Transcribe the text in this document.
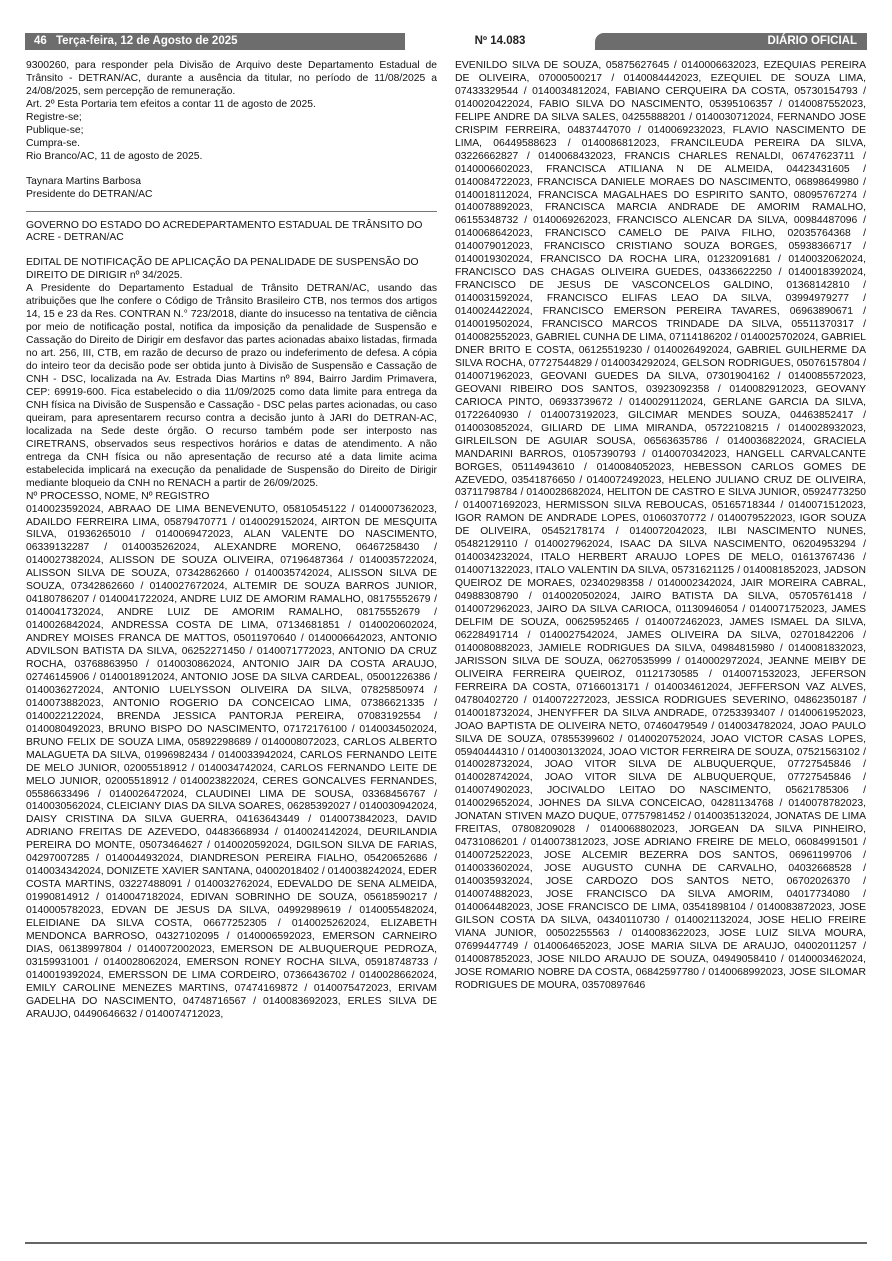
46 Terça-feira, 12 de Agosto de 2025	Nº 14.083	DIÁRIO OFICIAL

9300260, para responder pela Divisão de Arquivo deste Departamento Estadual de Trânsito - DETRAN/AC, durante a ausência da titular, no período de 11/08/2025 a 24/08/2025, sem percepção de remuneração.

Art. 2º Esta Portaria tem efeitos a contar 11 de agosto de 2025.

Registre-se;

Publique-se;

Cumpra-se.

Rio Branco/AC, 11 de agosto de 2025.

Taynara Martins Barbosa

Presidente do DETRAN/AC

GOVERNO DO ESTADO DO ACREDEPARTAMENTO ESTADUAL DE TRÂNSITO DO ACRE - DETRAN/AC

EDITAL DE NOTIFICAÇÃO DE APLICAÇÃO DA PENALIDADE DE SUSPENSÃO DO DIREITO DE DIRIGIR nº 34/2025.

A Presidente do Departamento Estadual de Trânsito DETRAN/AC, usando das atribuições que lhe confere o Código de Trânsito Brasileiro CTB, nos termos dos artigos 14, 15 e 23 da Res. CONTRAN N.° 723/2018, diante do insucesso na tentativa de ciência por meio de notificação postal, notifica da imposição da penalidade de Suspensão e Cassação do Direito de Dirigir em desfavor das partes acionadas abaixo listadas, firmada no art. 256, III, CTB, em razão de decurso de prazo ou indeferimento de defesa. A cópia do inteiro teor da decisão pode ser obtida junto à Divisão de Suspensão e Cassação de CNH - DSC, localizada na Av. Estrada Dias Martins nº 894, Bairro Jardim Primavera, CEP: 69919-600. Fica estabelecido o dia 11/09/2025 como data limite para entrega da CNH física na Divisão de Suspensão e Cassação - DSC pelas partes acionadas, ou caso queiram, para apresentarem recurso contra a decisão junto à JARI do DETRAN-AC, localizada na Sede deste órgão. O recurso também pode ser interposto nas CIRETRANS, observados seus respectivos horários e datas de atendimento. A não entrega da CNH física ou não apresentação de recurso até a data limite acima estabelecida implicará na execução da penalidade de Suspensão do Direito de Dirigir mediante bloqueio da CNH no RENACH a partir de 26/09/2025.

Nº PROCESSO, NOME, Nº REGISTRO

0140023592024, ABRAAO DE LIMA BENEVENUTO, 05810545122 / 0140007362023, ADAILDO FERREIRA LIMA, 05879470771 / 0140029152024, AIRTON DE MESQUITA SILVA, 01936265010 / 0140069472023, ALAN VALENTE DO NASCIMENTO, 06339132287 / 0140035262024, ALEXANDRE MORENO, 06467258430 / 0140027382024, ALISSON DE SOUZA OLIVEIRA, 07196487364 / 0140035722024, ALISSON SILVA DE SOUZA, 07342862660 / 0140035742024, ALISSON SILVA DE SOUZA, 07342862660 / 0140027672024, ALTEMIR DE SOUZA BARROS JUNIOR, 04180786207 / 0140041722024, ANDRE LUIZ DE AMORIM RAMALHO, 08175552679 / 0140041732024, ANDRE LUIZ DE AMORIM RAMALHO, 08175552679 / 0140026842024, ANDRESSA COSTA DE LIMA, 07134681851 / 0140020602024, ANDREY MOISES FRANCA DE MATTOS, 05011970640 / 0140006642023, ANTONIO ADVILSON BATISTA DA SILVA, 06252271450 / 0140071772023, ANTONIO DA CRUZ ROCHA, 03768863950 / 0140030862024, ANTONIO JAIR DA COSTA ARAUJO, 02746145906 / 0140018912024, ANTONIO JOSE DA SILVA CARDEAL, 05001226386 / 0140036272024, ANTONIO LUELYSSON OLIVEIRA DA SILVA, 07825850974 / 0140073882023, ANTONIO ROGERIO DA CONCEICAO LIMA, 07386621335 / 0140022122024, BRENDA JESSICA PANTORJA PEREIRA, 07083192554 / 0140080492023, BRUNO BISPO DO NASCIMENTO, 07172176100 / 0140034502024, BRUNO FELIX DE SOUZA LIMA, 05892298689 / 0140008072023, CARLOS ALBERTO MALAGUETA DA SILVA, 01996982434 / 0140033942024, CARLOS FERNANDO LEITE DE MELO JUNIOR, 02005518912 / 0140034742024, CARLOS FERNANDO LEITE DE MELO JUNIOR, 02005518912 / 0140023822024, CERES GONCALVES FERNANDES, 05586633496 / 0140026472024, CLAUDINEI LIMA DE SOUSA, 03368456767 / 0140030562024, CLEICIANY DIAS DA SILVA SOARES, 06285392027 / 0140030942024, DAISY CRISTINA DA SILVA GUERRA, 04163643449 / 0140073842023, DAVID ADRIANO FREITAS DE AZEVEDO, 04483668934 / 0140024142024, DEURILANDIA PEREIRA DO MONTE, 05073464627 / 0140020592024, DGILSON SILVA DE FARIAS, 04297007285 / 0140044932024, DIANDRESON PEREIRA FIALHO, 05420652686 / 0140034342024, DONIZETE XAVIER SANTANA, 04002018402 / 0140038242024, EDER COSTA MARTINS, 03227488091 / 0140032762024, EDEVALDO DE SENA ALMEIDA, 01990814912 / 0140047182024, EDIVAN SOBRINHO DE SOUZA, 05618590217 / 0140005782023, EDVAN DE JESUS DA SILVA, 04992989619 / 0140055482024, ELEIDIANE DA SILVA COSTA, 06677252305 / 0140025262024, ELIZABETH MENDONCA BARROSO, 04327102095 / 0140006592023, EMERSON CARNEIRO DIAS, 06138997804 / 0140072002023, EMERSON DE ALBUQUERQUE PEDROZA, 03159931001 / 0140028062024, EMERSON RONEY ROCHA SILVA, 05918748733 / 0140019392024, EMERSSON DE LIMA CORDEIRO, 07366436702 / 0140028662024, EMILY CAROLINE MENEZES MARTINS, 07474169872 / 0140075472023, ERIVAM GADELHA DO NASCIMENTO, 04748716567 / 0140083692023, ERLES SILVA DE ARAUJO, 04490646632 / 0140074712023,

EVENILDO SILVA DE SOUZA, 05875627645 / 0140006632023, EZEQUIAS PEREIRA DE OLIVEIRA, 07000500217 / 0140084442023, EZEQUIEL DE SOUZA LIMA, 07433329544 / 0140034812024, FABIANO CERQUEIRA DA COSTA, 05730154793 / 0140020422024, FABIO SILVA DO NASCIMENTO, 05395106357 / 0140087552023, FELIPE ANDRE DA SILVA SALES, 04255888201 / 0140030712024, FERNANDO JOSE CRISPIM FERREIRA, 04837447070 / 0140069232023, FLAVIO NASCIMENTO DE LIMA, 06449588623 / 0140086812023, FRANCILEUDA PEREIRA DA SILVA, 03226662827 / 0140068432023, FRANCIS CHARLES RENALDI, 06747623711 / 0140006602023, FRANCISCA ATILIANA N DE ALMEIDA, 04423431605 / 0140084722023, FRANCISCA DANIELE MORAES DO NASCIMENTO, 06898649980 / 0140018112024, FRANCISCA MAGALHAES DO ESPIRITO SANTO, 08095767274 / 0140078892023, FRANCISCA MARCIA ANDRADE DE AMORIM RAMALHO, 06155348732 / 0140069262023, FRANCISCO ALENCAR DA SILVA, 00984487096 / 0140068642023, FRANCISCO CAMELO DE PAIVA FILHO, 02035764368 / 0140079012023, FRANCISCO CRISTIANO SOUZA BORGES, 05938366717 / 0140019302024, FRANCISCO DA ROCHA LIRA, 01232091681 / 0140032062024, FRANCISCO DAS CHAGAS OLIVEIRA GUEDES, 04336622250 / 0140018392024, FRANCISCO DE JESUS DE VASCONCELOS GALDINO, 01368142810 / 0140031592024, FRANCISCO ELIFAS LEAO DA SILVA, 03994979277 / 0140024422024, FRANCISCO EMERSON PEREIRA TAVARES, 06963890671 / 0140019502024, FRANCISCO MARCOS TRINDADE DA SILVA, 05511370317 / 0140082552023, GABRIEL CUNHA DE LIMA, 07114186202 / 0140025702024, GABRIEL DNER BRITO E COSTA, 06125519230 / 0140026492024, GABRIEL GUILHERME DA SILVA ROCHA, 07727544829 / 0140034292024, GELSON RODRIGUES, 05076157804 / 0140071962023, GEOVANI GUEDES DA SILVA, 07301904162 / 0140085572023, GEOVANI RIBEIRO DOS SANTOS, 03923092358 / 0140082912023, GEOVANY CARIOCA PINTO, 06933739672 / 0140029112024, GERLANE GARCIA DA SILVA, 01722640930 / 0140073192023, GILCIMAR MENDES SOUZA, 04463852417 / 0140030852024, GILIARD DE LIMA MIRANDA, 05722108215 / 0140028932023, GIRLEILSON DE AGUIAR SOUSA, 06563635786 / 0140036822024, GRACIELA MANDARINI BARROS, 01057390793 / 0140070342023, HANGELL CARVALCANTE BORGES, 05114943610 / 0140084052023, HEBESSON CARLOS GOMES DE AZEVEDO, 03541876650 / 0140072492023, HELENO JULIANO CRUZ DE OLIVEIRA, 03711798784 / 0140028682024, HELITON DE CASTRO E SILVA JUNIOR, 05924773250 / 0140071692023, HERMISSON SILVA REBOUCAS, 05165718344 / 0140071512023, IGOR RAMON DE ANDRADE LOPES, 01060370772 / 0140079522023, IGOR SOUZA DE OLIVEIRA, 05452178174 / 0140072042023, ILBI NASCIMENTO NUNES, 05482129110 / 0140027962024, ISAAC DA SILVA NASCIMENTO, 06204953294 / 0140034232024, ITALO HERBERT ARAUJO LOPES DE MELO, 01613767436 / 0140071322023, ITALO VALENTIN DA SILVA, 05731621125 / 0140081852023, JADSON QUEIROZ DE MORAES, 02340298358 / 0140002342024, JAIR MOREIRA CABRAL, 04988308790 / 0140020502024, JAIRO BATISTA DA SILVA, 05705761418 / 0140072962023, JAIRO DA SILVA CARIOCA, 01130946054 / 0140071752023, JAMES DELFIM DE SOUZA, 00625952465 / 0140072462023, JAMES ISMAEL DA SILVA, 06228491714 / 0140027542024, JAMES OLIVEIRA DA SILVA, 02701842206 / 0140080882023, JAMIELE RODRIGUES DA SILVA, 04984815980 / 0140081832023, JARISSON SILVA DE SOUZA, 06270535999 / 0140002972024, JEANNE MEIBY DE OLIVEIRA FERREIRA QUEIROZ, 01121730585 / 0140071532023, JEFERSON FERREIRA DA COSTA, 07166013171 / 0140034612024, JEFFERSON VAZ ALVES, 04780402720 / 0140072272023, JESSICA RODRIGUES SEVERINO, 04862350187 / 0140018732024, JHENYFFER DA SILVA ANDRADE, 07253393407 / 0140061952023, JOAO BAPTISTA DE OLIVEIRA NETO, 07460479549 / 0140034782024, JOAO PAULO SILVA DE SOUZA, 07855399602 / 0140020752024, JOAO VICTOR CASAS LOPES, 05940444310 / 0140030132024, JOAO VICTOR FERREIRA DE SOUZA, 07521563102 / 0140028732024, JOAO VITOR SILVA DE ALBUQUERQUE, 07727545846 / 0140028742024, JOAO VITOR SILVA DE ALBUQUERQUE, 07727545846 / 0140074902023, JOCIVALDO LEITAO DO NASCIMENTO, 05621785306 / 0140029652024, JOHNES DA SILVA CONCEICAO, 04281134768 / 0140078782023, JONATAN STIVEN MAZO DUQUE, 07757981452 / 0140035132024, JONATAS DE LIMA FREITAS, 07808209028 / 0140068802023, JORGEAN DA SILVA PINHEIRO, 04731086201 / 0140073812023, JOSE ADRIANO FREIRE DE MELO, 06084991501 / 0140072522023, JOSE ALCEMIR BEZERRA DOS SANTOS, 06961199706 / 0140033602024, JOSE AUGUSTO CUNHA DE CARVALHO, 04032668528 / 0140035932024, JOSE CARDOZO DOS SANTOS NETO, 06702026370 / 0140074882023, JOSE FRANCISCO DA SILVA AMORIM, 04017734080 / 0140064482023, JOSE FRANCISCO DE LIMA, 03541898104 / 0140083872023, JOSE GILSON COSTA DA SILVA, 04340110730 / 0140021132024, JOSE HELIO FREIRE VIANA JUNIOR, 00502255563 / 0140083622023, JOSE LUIZ SILVA MOURA, 07699447749 / 0140064652023, JOSE MARIA SILVA DE ARAUJO, 04002011257 / 0140087852023, JOSE NILDO ARAUJO DE SOUZA, 04949058410 / 0140003462024, JOSE ROMARIO NOBRE DA COSTA, 06842597780 / 0140068992023, JOSE SILOMAR RODRIGUES DE MOURA, 03570897646
